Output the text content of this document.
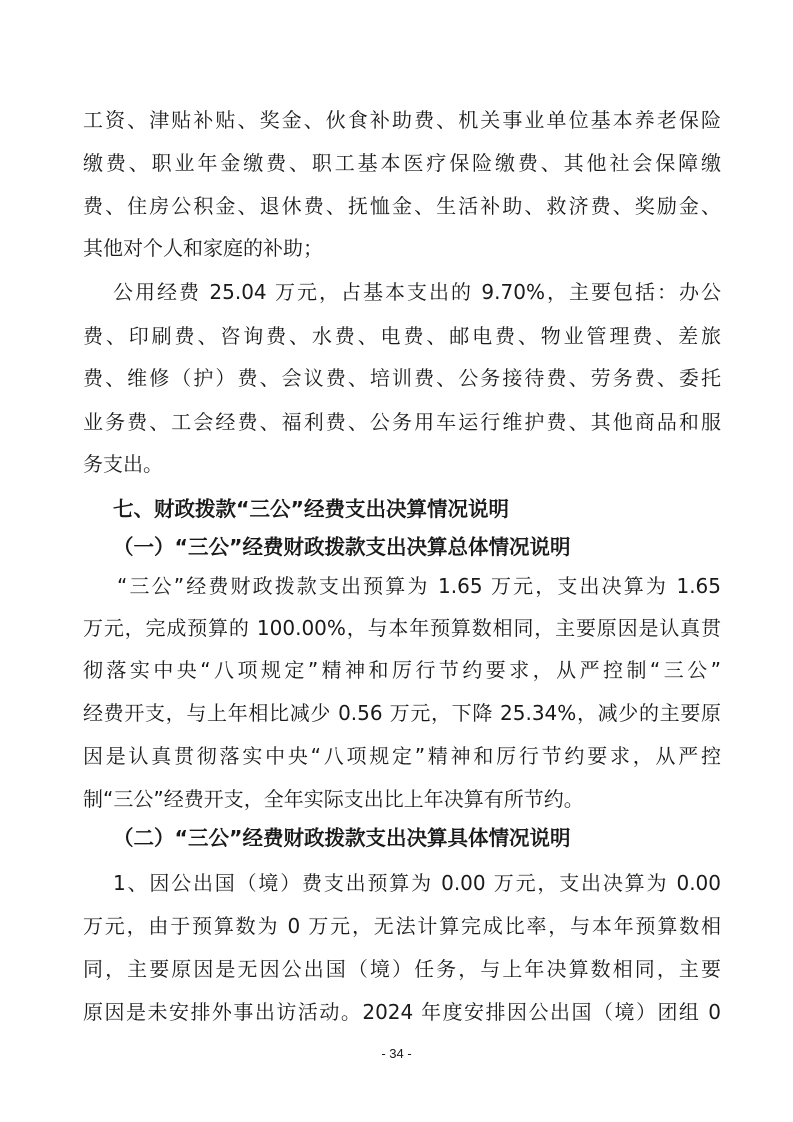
工资、津贴补贴、奖金、伙食补助费、机关事业单位基本养老保险
缴费、职业年金缴费、职工基本医疗保险缴费、其他社会保障缴
费、住房公积金、退休费、抚恤金、生活补助、救济费、奖励金、
其他对个人和家庭的补助；
公用经费 25.04 万元，占基本支出的 9.70%，主要包括：办公
费、印刷费、咨询费、水费、电费、邮电费、物业管理费、差旅
费、维修（护）费、会议费、培训费、公务接待费、劳务费、委托
业务费、工会经费、福利费、公务用车运行维护费、其他商品和服
务支出。
七、财政拨款“三公”经费支出决算情况说明
（一）“三公”经费财政拨款支出决算总体情况说明
“三公”经费财政拨款支出预算为 1.65 万元，支出决算为 1.65
万元，完成预算的 100.00%，与本年预算数相同，主要原因是认真贯
彻落实中央“八项规定”精神和厉行节约要求，从严控制“三公”
经费开支，与上年相比减少 0.56 万元，下降 25.34%，减少的主要原
因是认真贯彻落实中央“八项规定”精神和厉行节约要求，从严控
制“三公”经费开支，全年实际支出比上年决算有所节约。
（二）“三公”经费财政拨款支出决算具体情况说明
1、因公出国（境）费支出预算为 0.00 万元，支出决算为 0.00
万元，由于预算数为 0 万元，无法计算完成比率，与本年预算数相
同，主要原因是无因公出国（境）任务，与上年决算数相同，主要
原因是未安排外事出访活动。2024 年度安排因公出国（境）团组 0
- 34 -
